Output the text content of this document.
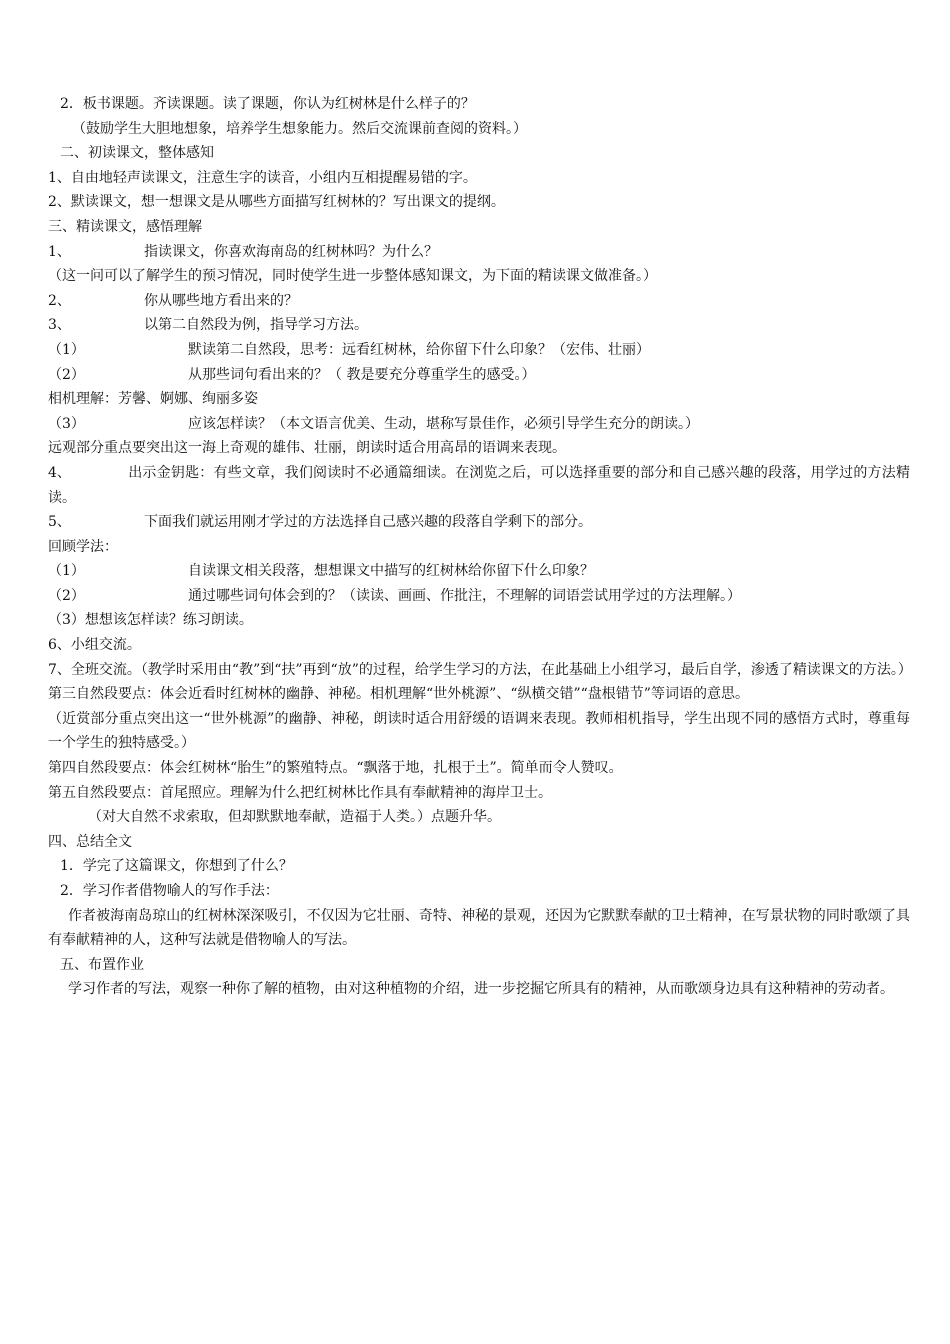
2．板书课题。齐读课题。读了课题，你认为红树林是什么样子的？
（鼓励学生大胆地想象，培养学生想象能力。然后交流课前查阅的资料。）
二、初读课文，整体感知
1、自由地轻声读课文，注意生字的读音，小组内互相提醒易错的字。
2、默读课文，想一想课文是从哪些方面描写红树林的？写出课文的提纲。
三、精读课文，感悟理解
1、	指读课文，你喜欢海南岛的红树林吗？为什么？
（这一问可以了解学生的预习情况，同时使学生进一步整体感知课文，为下面的精读课文做准备。）
2、	你从哪些地方看出来的？
3、	以第二自然段为例，指导学习方法。
（1）	默读第二自然段，思考：远看红树林，给你留下什么印象？（宏伟、壮丽）
（2）	从那些词句看出来的？（ 教是要充分尊重学生的感受。）
相机理解：芳馨、婀娜、绚丽多姿
（3）	应该怎样读？（本文语言优美、生动，堪称写景佳作，必须引导学生充分的朗读。）
远观部分重点要突出这一海上奇观的雄伟、壮丽，朗读时适合用高昂的语调来表现。
4、	出示金钥匙：有些文章，我们阅读时不必通篇细读。在浏览之后，可以选择重要的部分和自己感兴趣的段落，用学过的方法精读。
5、	下面我们就运用刚才学过的方法选择自己感兴趣的段落自学剩下的部分。
回顾学法：
（1）	自读课文相关段落，想想课文中描写的红树林给你留下什么印象？
（2）	通过哪些词句体会到的？（读读、画画、作批注，不理解的词语尝试用学过的方法理解。）
（3）想想该怎样读？练习朗读。
6、小组交流。
7、全班交流。（教学时采用由“教”到“扶”再到“放”的过程，给学生学习的方法，在此基础上小组学习，最后自学，渗透了精读课文的方法。）
第三自然段要点：体会近看时红树林的幽静、神秘。相机理解“世外桃源”、“纵横交错”“盘根错节”等词语的意思。
（近赏部分重点突出这一“世外桃源”的幽静、神秘，朗读时适合用舒缓的语调来表现。教师相机指导，学生出现不同的感悟方式时，尊重每一个学生的独特感受。）
第四自然段要点：体会红树林“胎生”的繁殖特点。“飘落于地，扎根于土”。简单而令人赞叹。
第五自然段要点：首尾照应。理解为什么把红树林比作具有奉献精神的海岸卫士。
（对大自然不求索取，但却默默地奉献，造福于人类。）点题升华。
四、总结全文
1．学完了这篇课文，你想到了什么？
2．学习作者借物喻人的写作手法：
作者被海南岛琼山的红树林深深吸引，不仅因为它壮丽、奇特、神秘的景观，还因为它默默奉献的卫士精神，在写景状物的同时歌颂了具有奉献精神的人，这种写法就是借物喻人的写法。
五、布置作业
学习作者的写法，观察一种你了解的植物，由对这种植物的介绍，进一步挖掘它所具有的精神，从而歌颂身边具有这种精神的劳动者。
